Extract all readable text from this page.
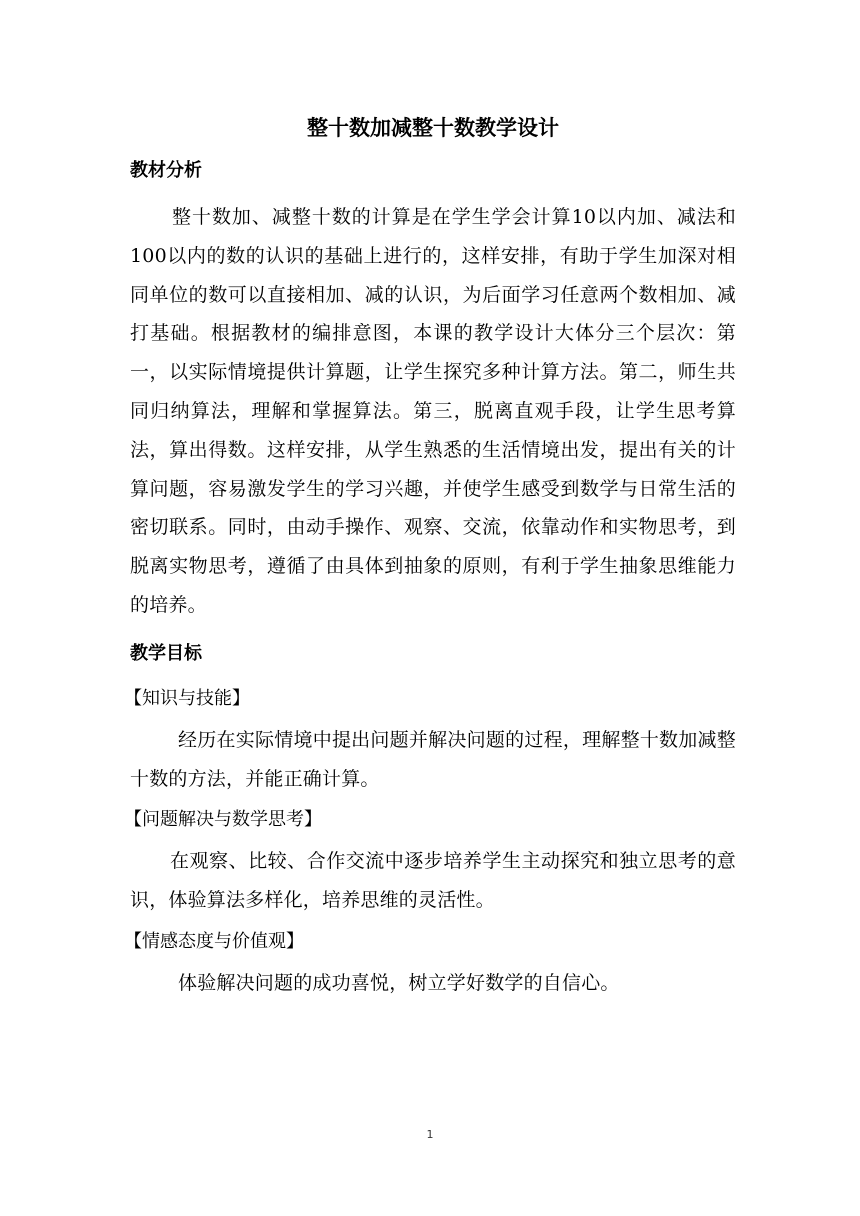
整十数加减整十数教学设计
教材分析

整十数加、减整十数的计算是在学生学会计算10以内加、减法和100以内的数的认识的基础上进行的，这样安排，有助于学生加深对相同单位的数可以直接相加、减的认识，为后面学习任意两个数相加、减打基础。根据教材的编排意图，本课的教学设计大体分三个层次：第一，以实际情境提供计算题，让学生探究多种计算方法。第二，师生共同归纳算法，理解和掌握算法。第三，脱离直观手段，让学生思考算法，算出得数。这样安排，从学生熟悉的生活情境出发，提出有关的计算问题，容易激发学生的学习兴趣，并使学生感受到数学与日常生活的密切联系。同时，由动手操作、观察、交流，依靠动作和实物思考，到脱离实物思考，遵循了由具体到抽象的原则，有利于学生抽象思维能力的培养。

教学目标
【知识与技能】

经历在实际情境中提出问题并解决问题的过程，理解整十数加减整十数的方法，并能正确计算。

【问题解决与数学思考】

在观察、比较、合作交流中逐步培养学生主动探究和独立思考的意识，体验算法多样化，培养思维的灵活性。

【情感态度与价值观】

体验解决问题的成功喜悦，树立学好数学的自信心。

1
